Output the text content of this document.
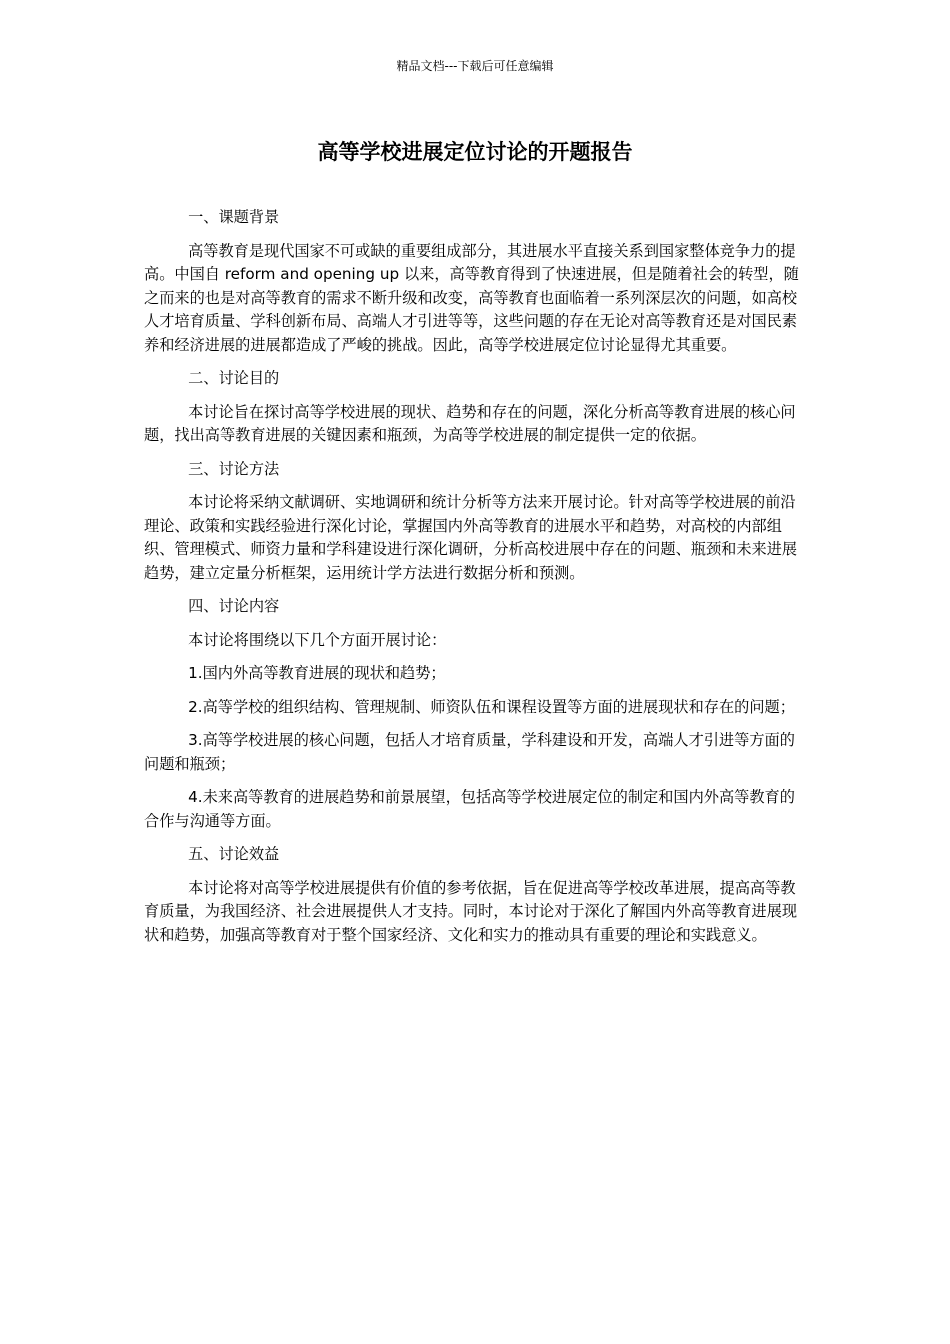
精品文档---下载后可任意编辑
高等学校进展定位讨论的开题报告

一、课题背景

高等教育是现代国家不可或缺的重要组成部分，其进展水平直接关系到国家整体竞争力的提高。中国自 reform and opening up 以来，高等教育得到了快速进展，但是随着社会的转型，随之而来的也是对高等教育的需求不断升级和改变，高等教育也面临着一系列深层次的问题，如高校人才培育质量、学科创新布局、高端人才引进等等，这些问题的存在无论对高等教育还是对国民素养和经济进展的进展都造成了严峻的挑战。因此，高等学校进展定位讨论显得尤其重要。

二、讨论目的

本讨论旨在探讨高等学校进展的现状、趋势和存在的问题，深化分析高等教育进展的核心问题，找出高等教育进展的关键因素和瓶颈，为高等学校进展的制定提供一定的依据。

三、讨论方法

本讨论将采纳文献调研、实地调研和统计分析等方法来开展讨论。针对高等学校进展的前沿理论、政策和实践经验进行深化讨论，掌握国内外高等教育的进展水平和趋势，对高校的内部组织、管理模式、师资力量和学科建设进行深化调研，分析高校进展中存在的问题、瓶颈和未来进展趋势，建立定量分析框架，运用统计学方法进行数据分析和预测。

四、讨论内容

本讨论将围绕以下几个方面开展讨论：

1.国内外高等教育进展的现状和趋势；

2.高等学校的组织结构、管理规制、师资队伍和课程设置等方面的进展现状和存在的问题；

3.高等学校进展的核心问题，包括人才培育质量，学科建设和开发，高端人才引进等方面的问题和瓶颈；

4.未来高等教育的进展趋势和前景展望，包括高等学校进展定位的制定和国内外高等教育的合作与沟通等方面。

五、讨论效益

本讨论将对高等学校进展提供有价值的参考依据，旨在促进高等学校改革进展，提高高等教育质量，为我国经济、社会进展提供人才支持。同时，本讨论对于深化了解国内外高等教育进展现状和趋势，加强高等教育对于整个国家经济、文化和实力的推动具有重要的理论和实践意义。
